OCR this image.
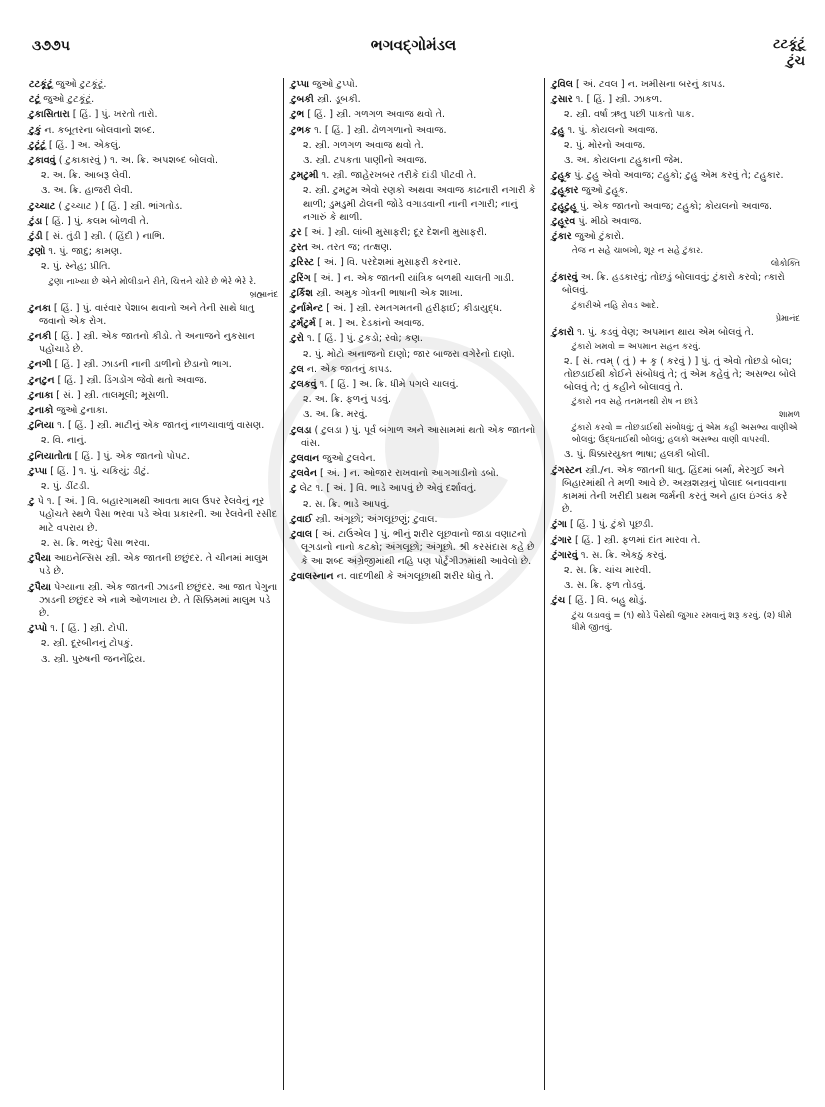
૩૭૭૫	ભગવદ્ગોમંડલ	ટટકૂંટૂં
ટુંચ
ટટકૂંટૂં જુઓ ટુટકૂંટૂં.
ટટૂં જુઓ ટુટકૂંટૂં.
ટુકાસિતારા [ હિં. ] પું. ખરતો તારો.
ટુકું ન. કબૂતરના બોલવાનો શબ્દ.
ટુટૂંટૂં [ હિં. ] અ. એકલું.
ટુકાવવું ( ટુકાકારવું ) ૧. અ. ક્રિ. અપશબ્દ બોલવો.
૨. અ. ક્રિ. આબરૂ લેવી.
૩. અ. ક્રિ. હાજરી લેવી.
ટુચ્ચાટ ( ટુચ્ચાટ ) [ હિં. ] સ્ત્રી. ભાંગતોડ.
ટુંડા [ હિં. ] પું. કલમ બોળવી તે.
ટુંડી [ સં. તુંડી ] સ્ત્રી. ( હિંદી ) નાભિ.
ટુણો ૧. પું. જાદુ; કામણ.
૨. પું. સ્નેહ; પ્રીતિ.
ટુણા નાખ્યા છે એને મોલીડાને રીતે, ચિત્તને ચોરે છે ભેરે ભેરે રે.
બ્રહ્માનંદ
ટુનકા [ હિં. ] પું. વારંવાર પેશાબ થવાનો અને તેની સાથે ધાતુ જવાનો એક રોગ.
ટુનકી [ હિં. ] સ્ત્રી. એક જાતનો કીડો. તે અનાજને નુકસાન પહોંચાડે છે.
ટુનગી [ હિં. ] સ્ત્રી. ઝાડની નાની ડાળીનો છેડાનો ભાગ.
ટુનટુન [ હિં. ] સ્ત્રી. ડિંગડોંગ જેવો થતો અવાજ.
ટુનાકા [ સં. ] સ્ત્રી. તાલમૂલી; મૂસળી.
ટુનાકો જુઓ ટુનાકા.
ટુનિયા ૧. [ હિં. ] સ્ત્રી. માટીનું એક જાતનું નાળચાવાળું વાસણ.
૨. વિ. નાનું.
ટુનિયાતોતા [ હિં. ] પું. એક જાતનો પોપટ.
ટુપ્પા [ હિં. ] ૧. પું. ચકિયું; ડીટું.
૨. પું. ડીંટડી.
ટુ પે ૧. [ અં. ] વિ. બહારગામથી આવતા માલ ઉપર રેલવેનું નૂર પહોંચતે સ્થળે પૈસા ભરવા પડે એવા પ્રકારની. આ રેલવેની રસીદ માટે વપરાય છે.
૨. સ. ક્રિ. ભરવું; પૈસા ભરવા.
ટુપૈયા આઇનેન્સિસ સ્ત્રી. એક જાતની છછુંદર. તે ચીનમાં માલુમ પડે છે.
ટુપૈયા પેગ્યાના સ્ત્રી. એક જાતની ઝાડની છછુંદર. આ જાત પેગુના ઝાડની છછુંદર એ નામે ઓળખાય છે. તે સિક્કિમમાં માલુમ પડે છે.
ટુપ્પો ૧. [ હિં. ] સ્ત્રી. ટોપી.
૨. સ્ત્રી. દૂરબીનનું ટોપકું.
૩. સ્ત્રી. પુરુષની જનનેંદ્રિય.
ટુપ્પા જુઓ ટુપ્પો.
ટુબકી સ્ત્રી. ડૂબકી.
ટુભ [ હિં. ] સ્ત્રી. ગળગળ અવાજ થવો તે.
ટુભક ૧. [ હિં. ] સ્ત્રી. ઢોળગળાનો અવાજ.
૨. સ્ત્રી. ગળગળ અવાજ થવો તે.
૩. સ્ત્રી. ટપકતા પાણીનો અવાજ.
ટુમટુમી ૧. સ્ત્રી. જાહેરખબર તરીકે દાંડી પીટવી તે.
૨. સ્ત્રી. ટુમટુમ એવો રણકો અથવા અવાજ કાઢનારી નગારી કે થાળી; ડુમડુમી ઢોલની જોડે વગાડવાની નાની નગારી; નાનું નગારું કે થાળી.
ટુર [ અં. ] સ્ત્રી. લાંબી મુસાફરી; દૂર દેશની મુસાફરી.
ટુરત અ. તરત જ; તત્ક્ષણ.
ટુરિસ્ટ [ અં. ] વિ. પરદેશમાં મુસાફરી કરનાર.
ટુરિંગ [ અં. ] ન. એક જાતની યાંત્રિક બળથી ચાલતી ગાડી.
ટુર્કિશ સ્ત્રી. અમુક ગોત્રની ભાષાની એક શાખા.
ટુર્નામેન્ટ [ અં. ] સ્ત્રી. રમતગમતની હરીફાઈ; કીડાયુદ્ધ.
ટુર્મટુર્મ [ મ. ] અ. દેડકાંનો અવાજ.
ટુરો ૧. [ હિં. ] પું. ટુકડો; રવો; કણ.
૨. પું. મોટો અનાજનો દાણો; જાર બાજરા વગેરેનો દાણો.
ટુલ ન. એક જાતનું કાપડ.
ટુલકવું ૧. [ હિં. ] અ. ક્રિ. ધીમે પગલે ચાલવું.
૨. અ. ક્રિ. ફળનું પડવું.
૩. અ. ક્રિ. મરવું.
ટુલડા ( ટુલડા ) પું. પૂર્વ બંગાળ અને આસામમાં થતો એક જાતનો વાંસ.
ટુલવાન જુઓ ટુલવેન.
ટુલવેન [ અં. ] ન. ઓજાર રાખવાનો આગગાડીનો ડબો.
ટુ લેટ ૧. [ અં. ] વિ. ભાડે આપવું છે એવું દર્શાવતું.
૨. સ. ક્રિ. ભાડે આપવું.
ટુવાઈ સ્ત્રી. અંગૂછો; અંગલૂછણું; ટુવાલ.
ટુવાલ [ અં. ટાઉએલ ] પું. ભીનું શરીર લૂછવાનો જાડા વણાટનો લૂગડાનો નાનો કટકો; અંગલૂછો; અંગૂછો. શ્રી કરસંદાસ કહે છે કે આ શબ્દ અંગ્રેજીમાંથી નહિ પણ પોર્ટુગીઝમાંથી આવેલો છે.
ટુવાલસ્નાન ન. વાદળીથી કે અંગલૂછાથી શરીર ધોવું તે.
ટુવિલ [ અં. ટવલ ] ન. ખમીસના બરનું કાપડ.
ટુસાર ૧. [ હિં. ] સ્ત્રી. ઝાકળ.
૨. સ્ત્રી. વર્ષા ઋતુ પછી પાકતો પાક.
ટુહુ ૧. પું. કોયલનો અવાજ.
૨. પું. મોરનો અવાજ.
૩. અ. કોયલના ટહુકાની જેમ.
ટુહૂક પું. ટુહુ એવો અવાજ; ટહુકો; ટુહુ એમ કરવું તે; ટહુકાર.
ટુહૂકાર જુઓ ટુહૂક.
ટુહૂટુહૂ પું. એક જાતનો અવાજ; ટહુકો; કોયલનો અવાજ.
ટુહૂરવ પું. મીઠો અવાજ.
ટુંકાર જુઓ ટુંકારો.
તેજ ન સહે ચાબખો, શૂર ન સહે ટુંકાર.
લોકોક્તિ
ટુંકારવું અ. ક્રિ. હડકારવું; તોછડું બોલાવવું; ટુંકારો કરવો; ત્કારો બોલવું.
ટુંકારીએ નહિ રોવડ આદે.
પ્રેમાનંદ
ટુંકારો ૧. પું. કડવું વેણ; અપમાન થાય એમ બોલવું તે.
ટુંકારો ખમવો = અપમાન સહન કરવું.
૨. [ સં. ત્વમ્ ( તું ) + કૃ ( કરવું ) ] પું. તું એવો તોછડો બોલ; તોછડાઈથી કોઈને સંબોધવું તે; તું એમ કહેવું તે; અસભ્ય બોલે બોલવું તે; તું કહીને બોલાવવું તે.
ટુંકારો નવ સહે તનમનથી રોષ ન છાંડે
શામળ
ટુંકારો કરવો = તોછડાઈથી સંબોધવું; તું એમ કહી અસભ્ય વાણીએ બોલવું; ઉદ્ધતાઈથી બોલવું; હલકો અસભ્ય વાણી વાપરવી.
૩. પું. ધિક્કારયુક્ત ભાષા; હલકી બોલી.
ટુંગસ્ટન સ્ત્રી./ન. એક જાતની ધાતુ. હિંદમાં બર્મા, મેરગુઈ અને બિહારમાંથી તે મળી આવે છે. અસ્ત્રશસ્ત્રનું પોલાદ બનાવવાના કામમાં તેની ખરીદી પ્રથમ જર્મની કરતું અને હાલ ઇંગ્લંડ કરે છે.
ટુંગા [ હિં. ] પું. ટુંકો પૂછડી.
ટુંગાર [ હિં. ] સ્ત્રી. ફળમાં દાંત મારવા તે.
ટુંગારવું ૧. સ. ક્રિ. એકઠું કરવું.
૨. સ. ક્રિ. ચાંચ મારવી.
૩. સ. ક્રિ. ફળ તોડવું.
ટુંચ [ હિં. ] વિ. બહુ થોડું.
ટુંચ લડાવવું = (૧) થોડે પૈસેથી જુગાર રમવાનું શરૂ કરવું. (૨) ધીમે ધીમે જીતવું.
